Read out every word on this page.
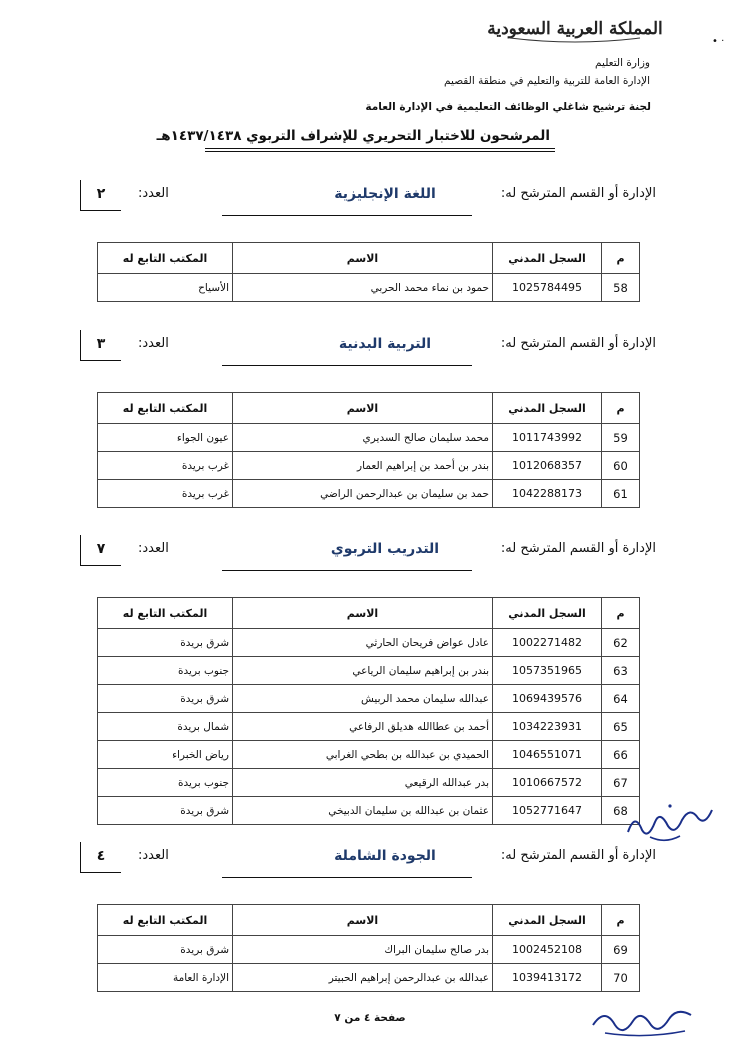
المملكة العربية السعودية
• ·
وزارة التعليم
الإدارة العامة للتربية والتعليم في منطقة القصيم
لجنة ترشيح شاغلي الوظائف التعليمية في الإدارة العامة
المرشحون للاختبار التحريري للإشراف التربوي ١٤٣٧/١٤٣٨هـ
الإدارة أو القسم المترشح له:
اللغة الإنجليزية
العدد:
٢
م	السجل المدني	الاسم	المكتب التابع له
58	1025784495	حمود بن نماء محمد الحربي	الأسياح
الإدارة أو القسم المترشح له:
التربية البدنية
العدد:
٣
م	السجل المدني	الاسم	المكتب التابع له
59	1011743992	محمد سليمان صالح السديري	عيون الجواء
60	1012068357	بندر بن أحمد بن إبراهيم العمار	غرب بريدة
61	1042288173	حمد بن سليمان بن عبدالرحمن الراضي	غرب بريدة
الإدارة أو القسم المترشح له:
التدريب التربوي
العدد:
٧
م	السجل المدني	الاسم	المكتب التابع له
62	1002271482	عادل عواض فريحان الحارثي	شرق بريدة
63	1057351965	بندر بن إبراهيم سليمان الرياعي	جنوب بريدة
64	1069439576	عبدالله سليمان محمد الربيش	شرق بريدة
65	1034223931	أحمد بن عطاالله هديلق الرفاعي	شمال بريدة
66	1046551071	الحميدي بن عبدالله بن بطحي الغرابي	رياض الخبراء
67	1010667572	بدر عبدالله الرقيعي	جنوب بريدة
68	1052771647	عثمان بن عبدالله بن سليمان الدبيخي	شرق بريدة
الإدارة أو القسم المترشح له:
الجودة الشاملة
العدد:
٤
م	السجل المدني	الاسم	المكتب التابع له
69	1002452108	بدر صالح سليمان البراك	شرق بريدة
70	1039413172	عبدالله بن عبدالرحمن إبراهيم الحبيتر	الإدارة العامة
صفحة ٤ من ٧
